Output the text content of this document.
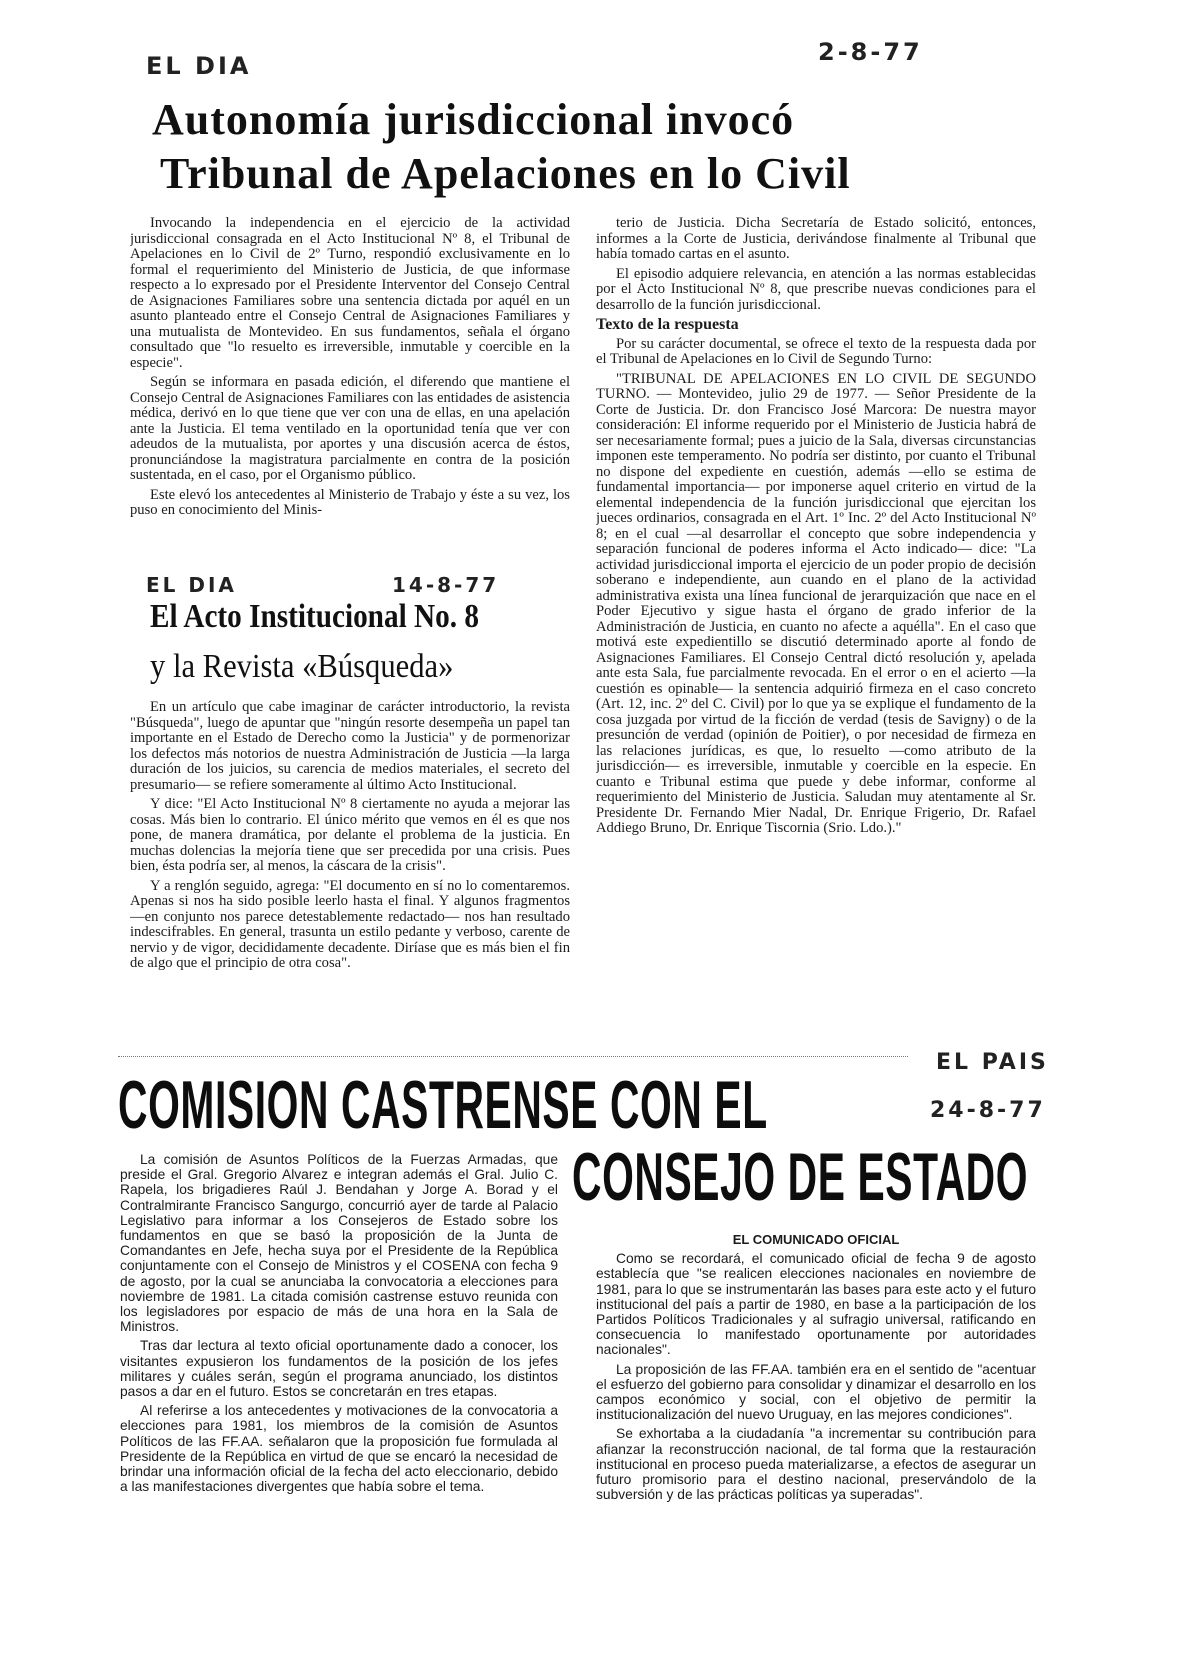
EL DIA	2-8-77
Autonomía jurisdiccional invocó
Tribunal de Apelaciones en lo Civil

Invocando la independencia en el ejercicio de la actividad jurisdiccional consagrada en el Acto Institucional Nº 8, el Tribunal de Apelaciones en lo Civil de 2º Turno, respondió exclusivamente en lo formal el requerimiento del Ministerio de Justicia, de que informase respecto a lo expresado por el Presidente Interventor del Consejo Central de Asignaciones Familiares sobre una sentencia dictada por aquél en un asunto planteado entre el Consejo Central de Asignaciones Familiares y una mutualista de Montevideo. En sus fundamentos, señala el órgano consultado que "lo resuelto es irreversible, inmutable y coercible en la especie".

Según se informara en pasada edición, el diferendo que mantiene el Consejo Central de Asignaciones Familiares con las entidades de asistencia médica, derivó en lo que tiene que ver con una de ellas, en una apelación ante la Justicia. El tema ventilado en la oportunidad tenía que ver con adeudos de la mutualista, por aportes y una discusión acerca de éstos, pronunciándose la magistratura parcialmente en contra de la posición sustentada, en el caso, por el Organismo público.

Este elevó los antecedentes al Ministerio de Trabajo y éste a su vez, los puso en conocimiento del Minis-

terio de Justicia. Dicha Secretaría de Estado solicitó, entonces, informes a la Corte de Justicia, derivándose finalmente al Tribunal que había tomado cartas en el asunto.

El episodio adquiere relevancia, en atención a las normas establecidas por el Acto Institucional Nº 8, que prescribe nuevas condiciones para el desarrollo de la función jurisdiccional.

Texto de la respuesta

Por su carácter documental, se ofrece el texto de la respuesta dada por el Tribunal de Apelaciones en lo Civil de Segundo Turno:

"TRIBUNAL DE APELACIONES EN LO CIVIL DE SEGUNDO TURNO. — Montevideo, julio 29 de 1977. — Señor Presidente de la Corte de Justicia. Dr. don Francisco José Marcora: De nuestra mayor consideración: El informe requerido por el Ministerio de Justicia habrá de ser necesariamente formal; pues a juicio de la Sala, diversas circunstancias imponen este temperamento. No podría ser distinto, por cuanto el Tribunal no dispone del expediente en cuestión, además —ello se estima de fundamental importancia— por imponerse aquel criterio en virtud de la elemental independencia de la función jurisdiccional que ejercitan los jueces ordinarios, consagrada en el Art. 1º Inc. 2º del Acto Institucional Nº 8; en el cual —al desarrollar el concepto que sobre independencia y separación funcional de poderes informa el Acto indicado— dice: "La actividad jurisdiccional importa el ejercicio de un poder propio de decisión soberano e independiente, aun cuando en el plano de la actividad administrativa exista una línea funcional de jerarquización que nace en el Poder Ejecutivo y sigue hasta el órgano de grado inferior de la Administración de Justicia, en cuanto no afecte a aquélla". En el caso que motivá este expedientillo se discutió determinado aporte al fondo de Asignaciones Familiares. El Consejo Central dictó resolución y, apelada ante esta Sala, fue parcialmente revocada. En el error o en el acierto —la cuestión es opinable— la sentencia adquirió firmeza en el caso concreto (Art. 12, inc. 2º del C. Civil) por lo que ya se explique el fundamento de la cosa juzgada por virtud de la ficción de verdad (tesis de Savigny) o de la presunción de verdad (opinión de Poitier), o por necesidad de firmeza en las relaciones jurídicas, es que, lo resuelto —como atributo de la jurisdicción— es irreversible, inmutable y coercible en la especie. En cuanto e Tribunal estima que puede y debe informar, conforme al requerimiento del Ministerio de Justicia. Saludan muy atentamente al Sr. Presidente Dr. Fernando Mier Nadal, Dr. Enrique Frigerio, Dr. Rafael Addiego Bruno, Dr. Enrique Tiscornia (Srio. Ldo.)."

EL DIA	14-8-77
El Acto Institucional No. 8
y la Revista «Búsqueda»

En un artículo que cabe imaginar de carácter introductorio, la revista "Búsqueda", luego de apuntar que "ningún resorte desempeña un papel tan importante en el Estado de Derecho como la Justicia" y de pormenorizar los defectos más notorios de nuestra Administración de Justicia —la larga duración de los juicios, su carencia de medios materiales, el secreto del presumario— se refiere someramente al último Acto Institucional.

Y dice: "El Acto Institucional Nº 8 ciertamente no ayuda a mejorar las cosas. Más bien lo contrario. El único mérito que vemos en él es que nos pone, de manera dramática, por delante el problema de la justicia. En muchas dolencias la mejoría tiene que ser precedida por una crisis. Pues bien, ésta podría ser, al menos, la cáscara de la crisis".

Y a renglón seguido, agrega: "El documento en sí no lo comentaremos. Apenas si nos ha sido posible leerlo hasta el final. Y algunos fragmentos —en conjunto nos parece detestablemente redactado— nos han resultado indescifrables. En general, trasunta un estilo pedante y verboso, carente de nervio y de vigor, decididamente decadente. Diríase que es más bien el fin de algo que el principio de otra cosa".

EL PAIS
24-8-77
COMISION CASTRENSE CON EL
CONSEJO DE ESTADO

La comisión de Asuntos Políticos de la Fuerzas Armadas, que preside el Gral. Gregorio Alvarez e integran además el Gral. Julio C. Rapela, los brigadieres Raúl J. Bendahan y Jorge A. Borad y el Contralmirante Francisco Sangurgo, concurrió ayer de tarde al Palacio Legislativo para informar a los Consejeros de Estado sobre los fundamentos en que se basó la proposición de la Junta de Comandantes en Jefe, hecha suya por el Presidente de la República conjuntamente con el Consejo de Ministros y el COSENA con fecha 9 de agosto, por la cual se anunciaba la convocatoria a elecciones para noviembre de 1981. La citada comisión castrense estuvo reunida con los legisladores por espacio de más de una hora en la Sala de Ministros.

Tras dar lectura al texto oficial oportunamente dado a conocer, los visitantes expusieron los fundamentos de la posición de los jefes militares y cuáles serán, según el programa anunciado, los distintos pasos a dar en el futuro. Estos se concretarán en tres etapas.

Al referirse a los antecedentes y motivaciones de la convocatoria a elecciones para 1981, los miembros de la comisión de Asuntos Políticos de las FF.AA. señalaron que la proposición fue formulada al Presidente de la República en virtud de que se encaró la necesidad de brindar una información oficial de la fecha del acto eleccionario, debido a las manifestaciones divergentes que había sobre el tema.

EL COMUNICADO OFICIAL

Como se recordará, el comunicado oficial de fecha 9 de agosto establecía que "se realicen elecciones nacionales en noviembre de 1981, para lo que se instrumentarán las bases para este acto y el futuro institucional del país a partir de 1980, en base a la participación de los Partidos Políticos Tradicionales y al sufragio universal, ratificando en consecuencia lo manifestado oportunamente por autoridades nacionales".

La proposición de las FF.AA. también era en el sentido de "acentuar el esfuerzo del gobierno para consolidar y dinamizar el desarrollo en los campos económico y social, con el objetivo de permitir la institucionalización del nuevo Uruguay, en las mejores condiciones".

Se exhortaba a la ciudadanía "a incrementar su contribución para afianzar la reconstrucción nacional, de tal forma que la restauración institucional en proceso pueda materializarse, a efectos de asegurar un futuro promisorio para el destino nacional, preservándolo de la subversión y de las prácticas políticas ya superadas".
